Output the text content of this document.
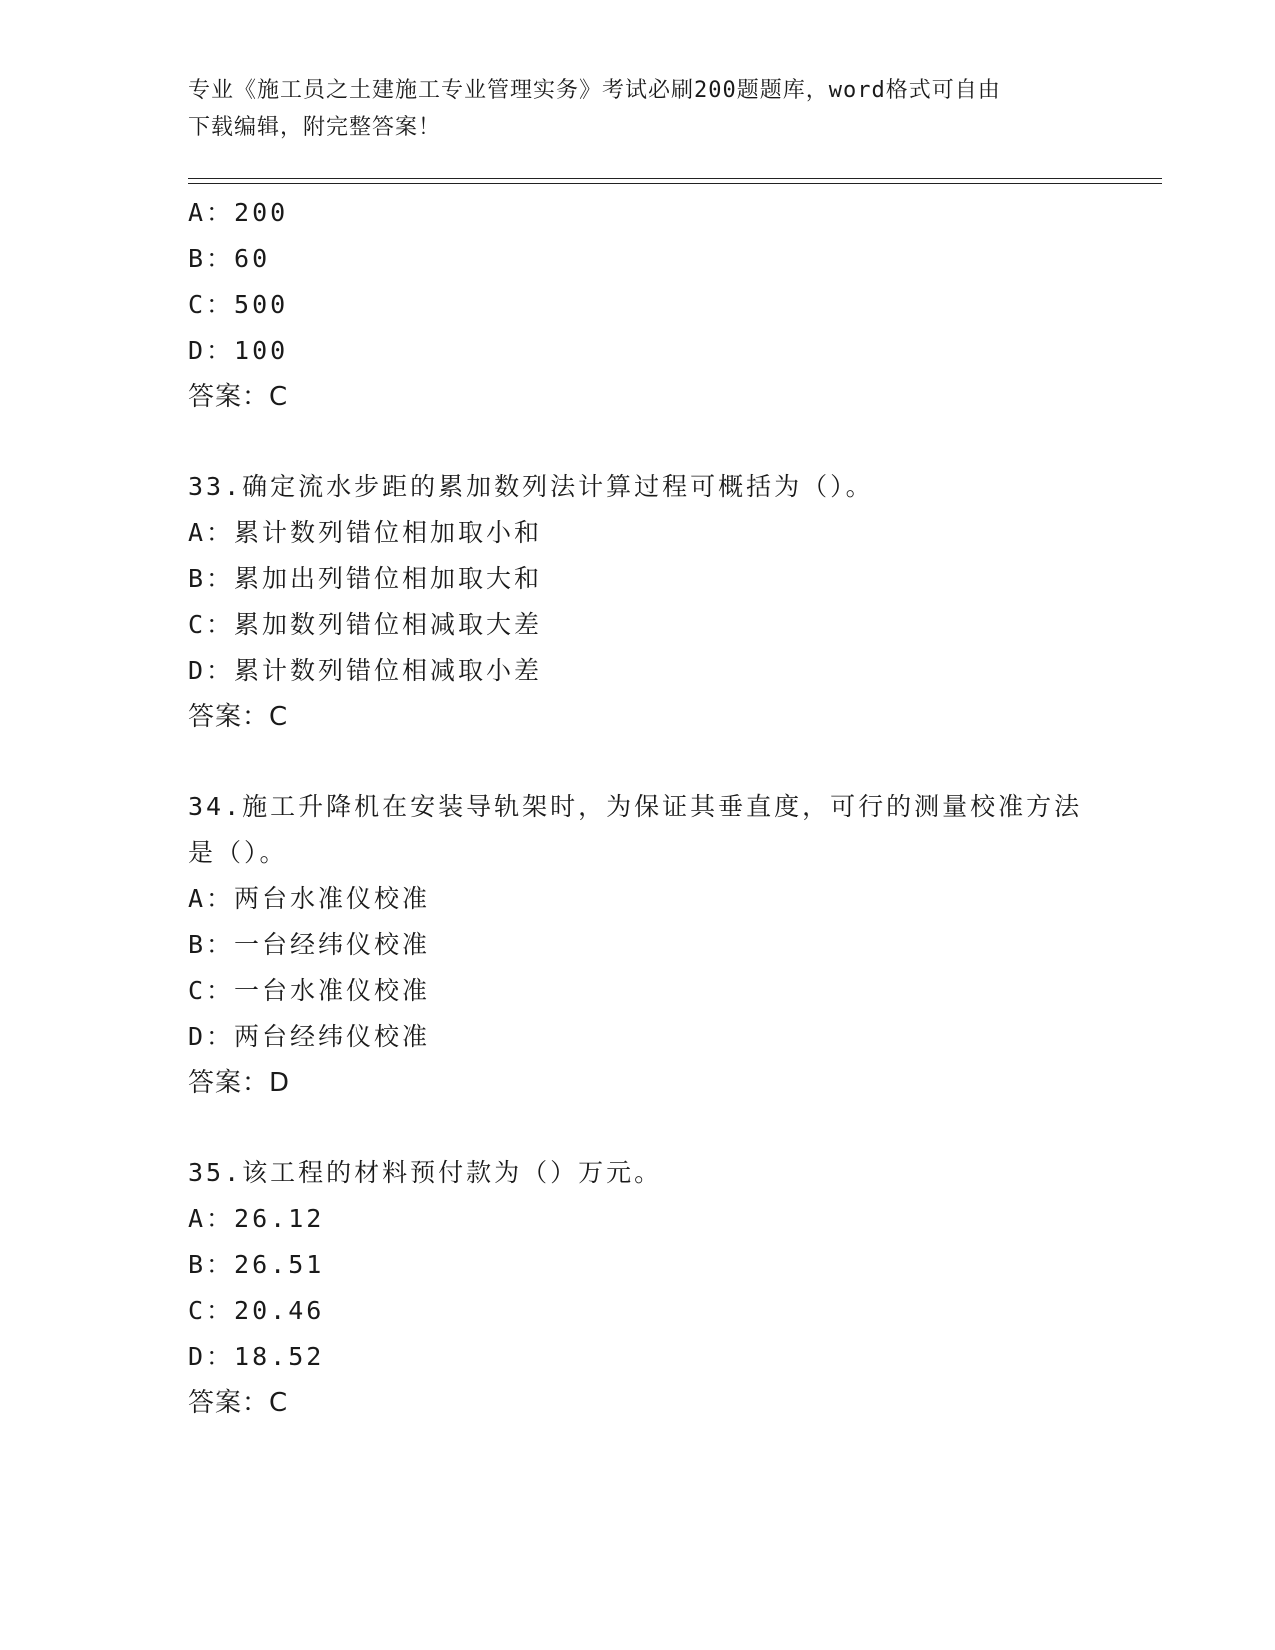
专业《施工员之土建施工专业管理实务》考试必刷200题题库，word格式可自由
下载编辑，附完整答案！
A：200
B：60
C：500
D：100
答案：C
33.确定流水步距的累加数列法计算过程可概括为（）。
A：累计数列错位相加取小和
B：累加出列错位相加取大和
C：累加数列错位相减取大差
D：累计数列错位相减取小差
答案：C
34.施工升降机在安装导轨架时，为保证其垂直度，可行的测量校准方法是（）。
A：两台水准仪校准
B：一台经纬仪校准
C：一台水准仪校准
D：两台经纬仪校准
答案：D
35.该工程的材料预付款为（）万元。
A：26.12
B：26.51
C：20.46
D：18.52
答案：C
